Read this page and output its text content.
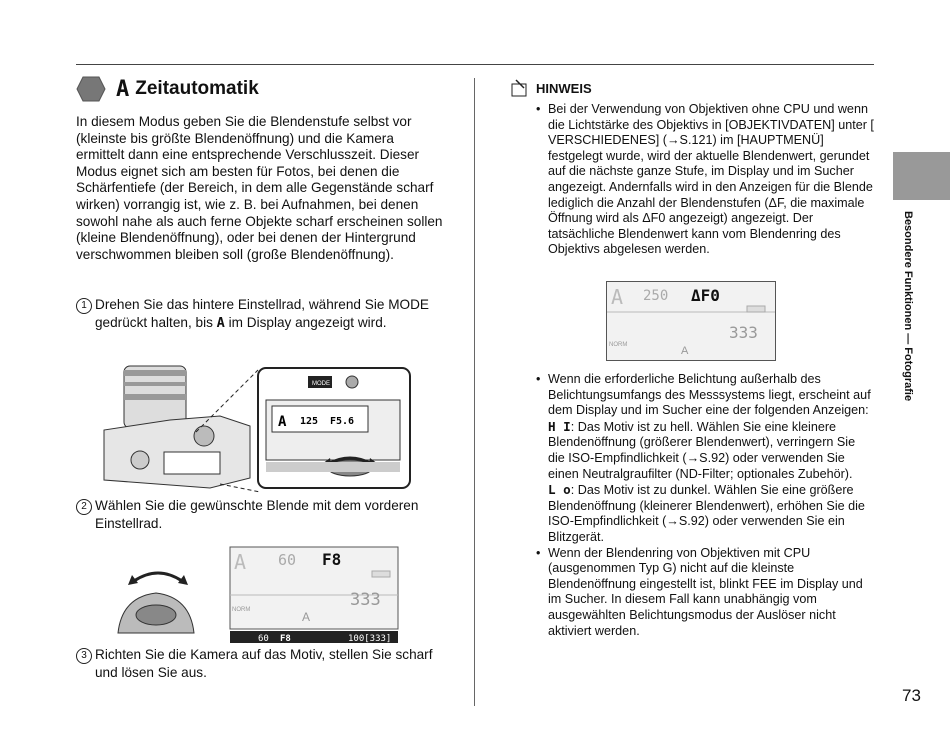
A Zeitautomatik
In diesem Modus geben Sie die Blendenstufe selbst vor (kleinste bis größte Blendenöffnung) und die Kamera ermittelt dann eine entsprechende Verschlusszeit. Dieser Modus eignet sich am besten für Fotos, bei denen die Schärfentiefe (der Bereich, in dem alle Gegenstände scharf wirken) vorrangig ist, wie z. B. bei Aufnahmen, bei denen sowohl nahe als auch ferne Objekte scharf erscheinen sollen (kleine Blendenöffnung), oder bei denen der Hintergrund verschwommen bleiben soll (große Blendenöffnung).
1 Drehen Sie das hintere Einstellrad, während Sie MODE gedrückt halten, bis A im Display angezeigt wird.
A 125 F5.6
MODE
2 Wählen Sie die gewünschte Blende mit dem vorderen Einstellrad.
A 60 F8
333
NORM	A
60 F8	100[333]
3 Richten Sie die Kamera auf das Motiv, stellen Sie scharf und lösen Sie aus.
HINWEIS
• Bei der Verwendung von Objektiven ohne CPU und wenn die Lichtstärke des Objektivs in [OBJEKTIVDATEN] unter [ VERSCHIEDENES] (→S.121) im [HAUPTMENÜ] festgelegt wurde, wird der aktuelle Blendenwert, gerundet auf die nächste ganze Stufe, im Display und im Sucher angezeigt. Andernfalls wird in den Anzeigen für die Blende lediglich die Anzahl der Blendenstufen (ΔF, die maximale Öffnung wird als ΔF0 angezeigt) angezeigt. Der tatsächliche Blendenwert kann vom Blendenring des Objektivs abgelesen werden.
A 250 ΔF0
333
NORM	A
• Wenn die erforderliche Belichtung außerhalb des Belichtungsumfangs des Messsystems liegt, erscheint auf dem Display und im Sucher eine der folgenden Anzeigen:
H I: Das Motiv ist zu hell. Wählen Sie eine kleinere Blendenöffnung (größerer Blendenwert), verringern Sie die ISO-Empfindlichkeit (→S.92) oder verwenden Sie einen Neutralgraufilter (ND-Filter; optionales Zubehör).
L o: Das Motiv ist zu dunkel. Wählen Sie eine größere Blendenöffnung (kleinerer Blendenwert), erhöhen Sie die ISO-Empfindlichkeit (→S.92) oder verwenden Sie ein Blitzgerät.
• Wenn der Blendenring von Objektiven mit CPU (ausgenommen Typ G) nicht auf die kleinste Blendenöffnung eingestellt ist, blinkt FEE im Display und im Sucher. In diesem Fall kann unabhängig vom ausgewählten Belichtungsmodus der Auslöser nicht aktiviert werden.
Besondere Funktionen — Fotografie
73
